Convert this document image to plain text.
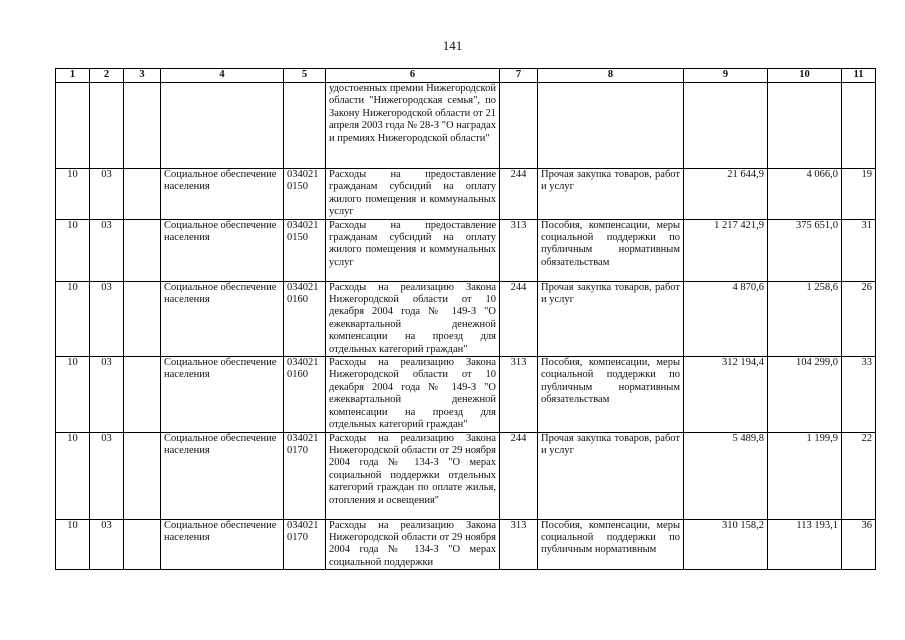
141
1	2	3	4	5	6	7	8	9	10	11
					удостоенных премии Нижегородской области "Нижегородская семья", по Закону Нижегородской области от 21 апреля 2003 года № 28-З "О наградах и премиях Нижегородской области"					
10	03		Социальное обеспечение населения	034021 0150	Расходы на предоставление гражданам субсидий на оплату жилого помещения и коммунальных услуг	244	Прочая закупка товаров, работ и услуг	21 644,9	4 066,0	19
10	03		Социальное обеспечение населения	034021 0150	Расходы на предоставление гражданам субсидий на оплату жилого помещения и коммунальных услуг	313	Пособия, компенсации, меры социальной поддержки по публичным нормативным обязательствам	1 217 421,9	375 651,0	31
10	03		Социальное обеспечение населения	034021 0160	Расходы на реализацию Закона Нижегородской области от 10 декабря 2004 года № 149-З "О ежеквартальной денежной компенсации на проезд для отдельных категорий граждан"	244	Прочая закупка товаров, работ и услуг	4 870,6	1 258,6	26
10	03		Социальное обеспечение населения	034021 0160	Расходы на реализацию Закона Нижегородской области от 10 декабря 2004 года № 149-З "О ежеквартальной денежной компенсации на проезд для отдельных категорий граждан"	313	Пособия, компенсации, меры социальной поддержки по публичным нормативным обязательствам	312 194,4	104 299,0	33
10	03		Социальное обеспечение населения	034021 0170	Расходы на реализацию Закона Нижегородской области от 29 ноября 2004 года № 134-З "О мерах социальной поддержки отдельных категорий граждан по оплате жилья, отопления и освещения"	244	Прочая закупка товаров, работ и услуг	5 489,8	1 199,9	22
10	03		Социальное обеспечение населения	034021 0170	Расходы на реализацию Закона Нижегородской области от 29 ноября 2004 года № 134-З "О мерах социальной поддержки	313	Пособия, компенсации, меры социальной поддержки по публичным нормативным	310 158,2	113 193,1	36
